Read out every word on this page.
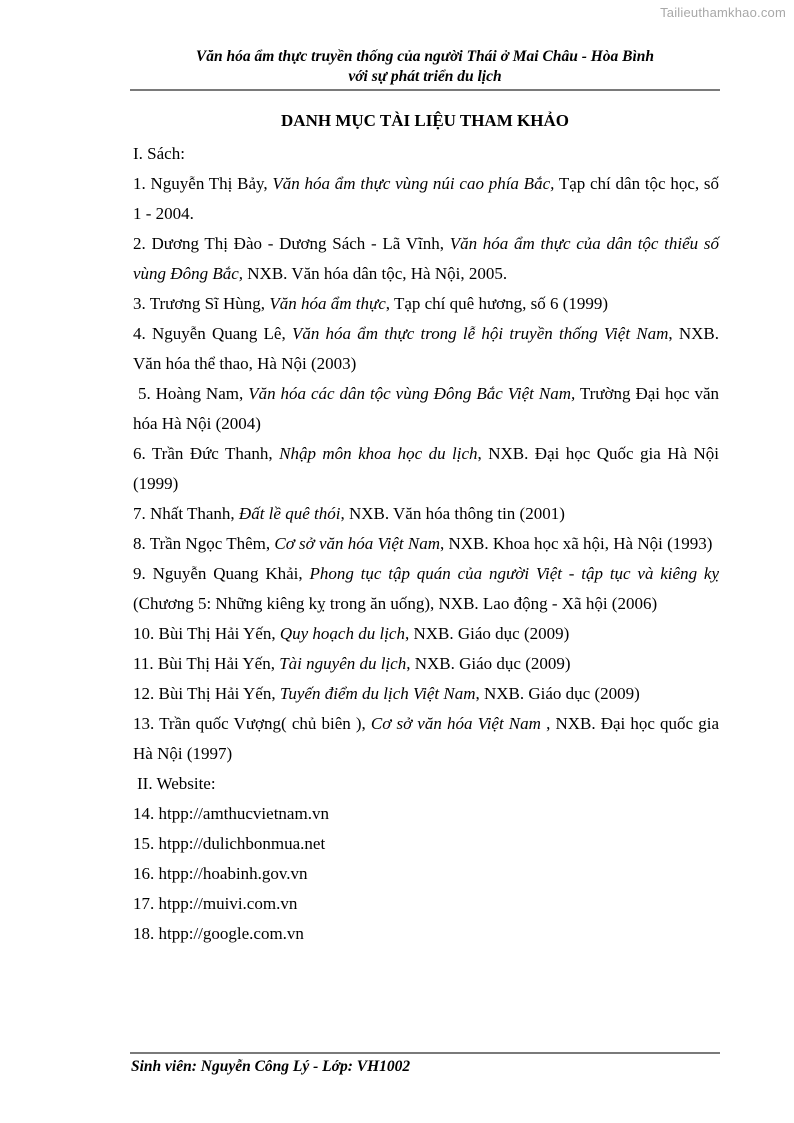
Tailieuthamkhao.com
Văn hóa ẩm thực truyền thống của người Thái ở Mai Châu - Hòa Bình
với sự phát triển du lịch
DANH MỤC TÀI LIỆU THAM KHẢO

I. Sách:

1. Nguyễn Thị Bảy, Văn hóa ẩm thực vùng núi cao phía Bắc, Tạp chí dân tộc học, số 1 - 2004.

2. Dương Thị Đào - Dương Sách - Lã Vĩnh, Văn hóa ẩm thực của dân tộc thiểu số vùng Đông Bắc, NXB. Văn hóa dân tộc, Hà Nội, 2005.

3. Trương Sĩ Hùng, Văn hóa ẩm thực, Tạp chí quê hương, số 6 (1999)

4. Nguyễn Quang Lê, Văn hóa ẩm thực trong lễ hội truyền thống Việt Nam, NXB. Văn hóa thể thao, Hà Nội (2003)

5. Hoàng Nam, Văn hóa các dân tộc vùng Đông Bắc Việt Nam, Trường Đại học văn hóa Hà Nội (2004)

6. Trần Đức Thanh, Nhập môn khoa học du lịch, NXB. Đại học Quốc gia Hà Nội (1999)

7. Nhất Thanh, Đất lề quê thói, NXB. Văn hóa thông tin (2001)

8. Trần Ngọc Thêm, Cơ sở văn hóa Việt Nam, NXB. Khoa học xã hội, Hà Nội (1993)

9. Nguyễn Quang Khải, Phong tục tập quán của người Việt - tập tục và kiêng kỵ (Chương 5: Những kiêng kỵ trong ăn uống), NXB. Lao động - Xã hội (2006)

10. Bùi Thị Hải Yến, Quy hoạch du lịch, NXB. Giáo dục (2009)

11. Bùi Thị Hải Yến, Tài nguyên du lịch, NXB. Giáo dục (2009)

12. Bùi Thị Hải Yến, Tuyến điểm du lịch Việt Nam, NXB. Giáo dục (2009)

13. Trần quốc Vượng( chủ biên ), Cơ sở văn hóa Việt Nam , NXB. Đại học quốc gia Hà Nội (1997)

II. Website:

14. htpp://amthucvietnam.vn

15. htpp://dulichbonmua.net

16. htpp://hoabinh.gov.vn

17. htpp://muivi.com.vn

18. htpp://google.com.vn

Sinh viên: Nguyễn Công Lý - Lớp: VH1002
